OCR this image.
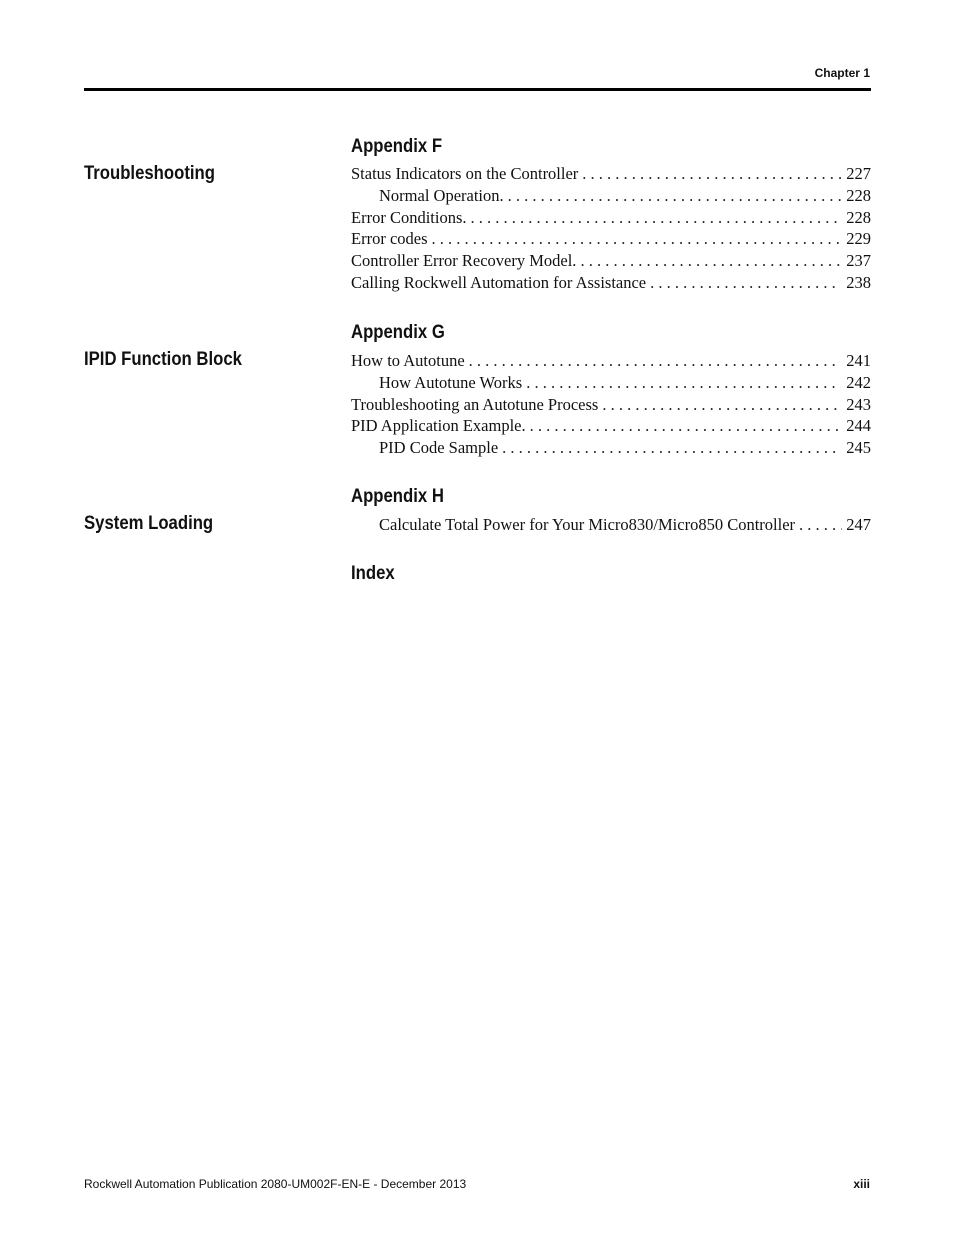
Chapter 1
Appendix F
Troubleshooting	Status Indicators on the Controller . . .	227
Normal Operation. . . .	228
Error Conditions. . . .	228
Error codes . . .	229
Controller Error Recovery Model. . . .	237
Calling Rockwell Automation for Assistance . . .	238
Appendix G
IPID Function Block	How to Autotune . . .	241
How Autotune Works . . .	242
Troubleshooting an Autotune Process . . .	243
PID Application Example. . . .	244
PID Code Sample . . .	245
Appendix H
System Loading	Calculate Total Power for Your Micro830/Micro850 Controller . . .	247
Index
Rockwell Automation Publication 2080-UM002F-EN-E - December 2013	xiii
